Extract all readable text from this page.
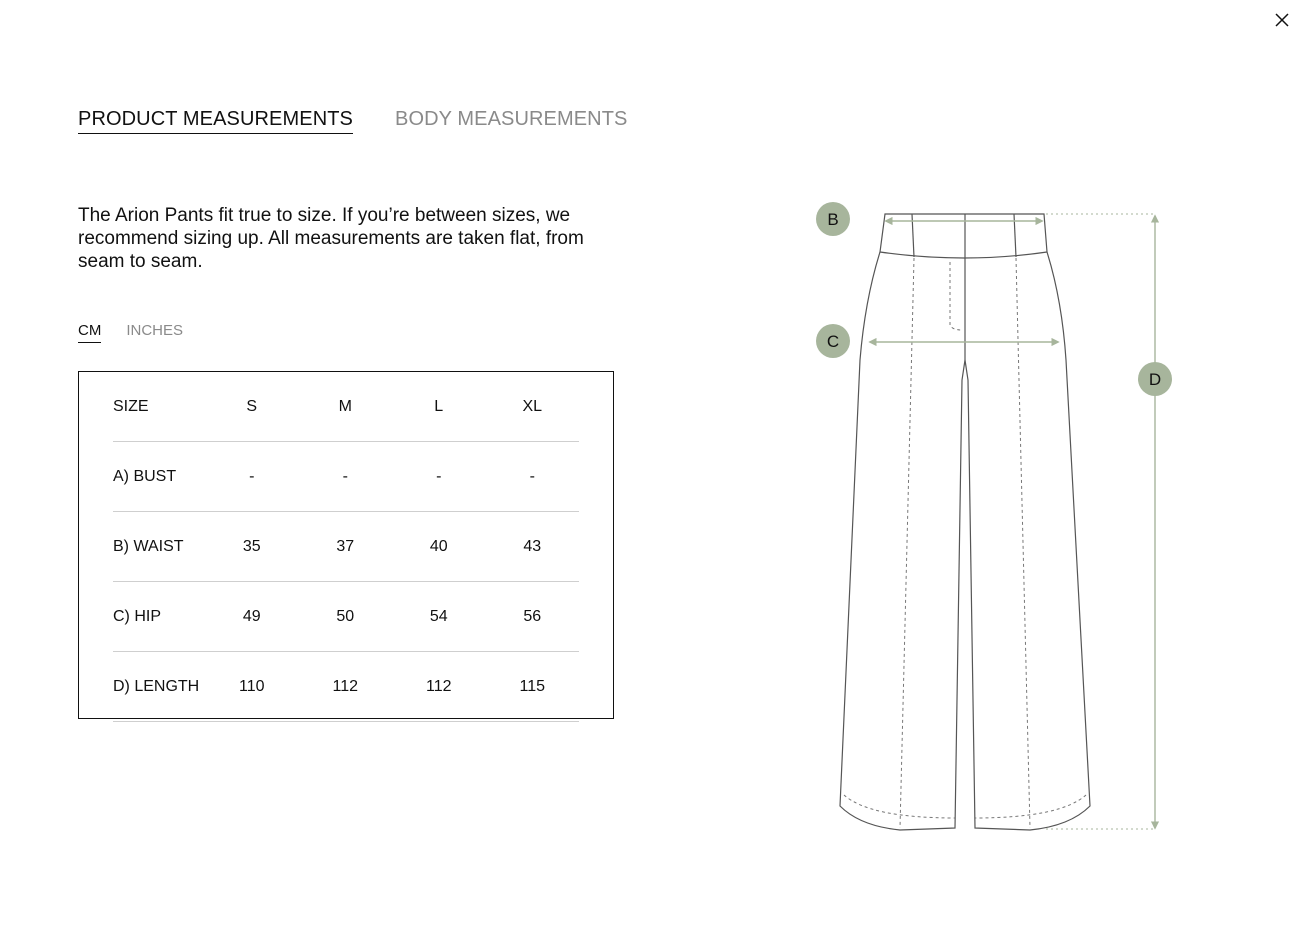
PRODUCT MEASUREMENTS BODY MEASUREMENTS

The Arion Pants fit true to size. If you’re between sizes, we recommend sizing up. All measurements are taken flat, from seam to seam.

CM INCHES
SIZE	S	M	L	XL
A) BUST	-	-	-	-
B) WAIST	35	37	40	43
C) HIP	49	50	54	56
D) LENGTH	110	112	112	115
B
C
D
